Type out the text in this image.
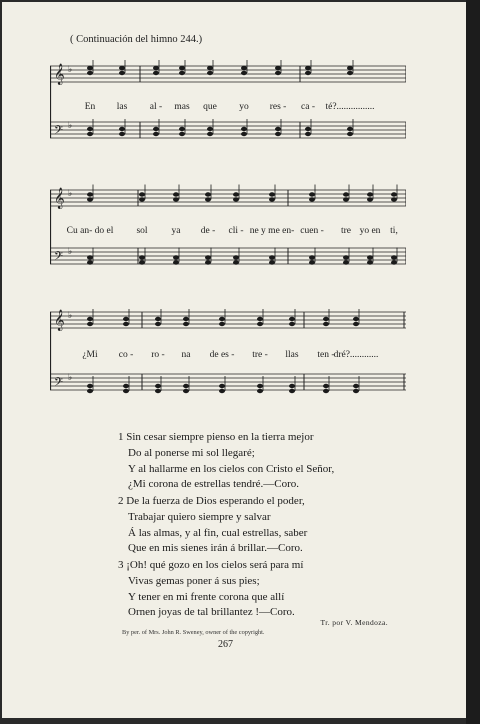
( Continuación del himno 244.)
𝄞 ♭
𝄢 ♭
En las al - mas que yo res - ca - té?................
𝄞 ♭
𝄢 ♭
Cu an- do el sol	ya de - cli - ne y me en- cuen - tre yo en ti,
𝄞 ♭
𝄢 ♭
¿Mi co - ro - na de es - tre - llas ten -
dré?............
1 Sin cesar siempre pienso en la tierra mejor
Do al ponerse mi sol llegaré;
Y al hallarme en los cielos con Cristo el Señor,
¿Mi corona de estrellas tendré.—Coro.
2 De la fuerza de Dios esperando el poder,
Trabajar quiero siempre y salvar
Á las almas, y al fin, cual estrellas, saber
Que en mis sienes irán á brillar.—Coro.
3 ¡Oh! qué gozo en los cielos será para mí
Vivas gemas poner á sus pies;
Y tener en mi frente corona que allí
Ornen joyas de tal brillantez !—Coro.
Tr. por V. Mendoza.
By per. of Mrs. John R. Sweney, owner of the copyright.
267
